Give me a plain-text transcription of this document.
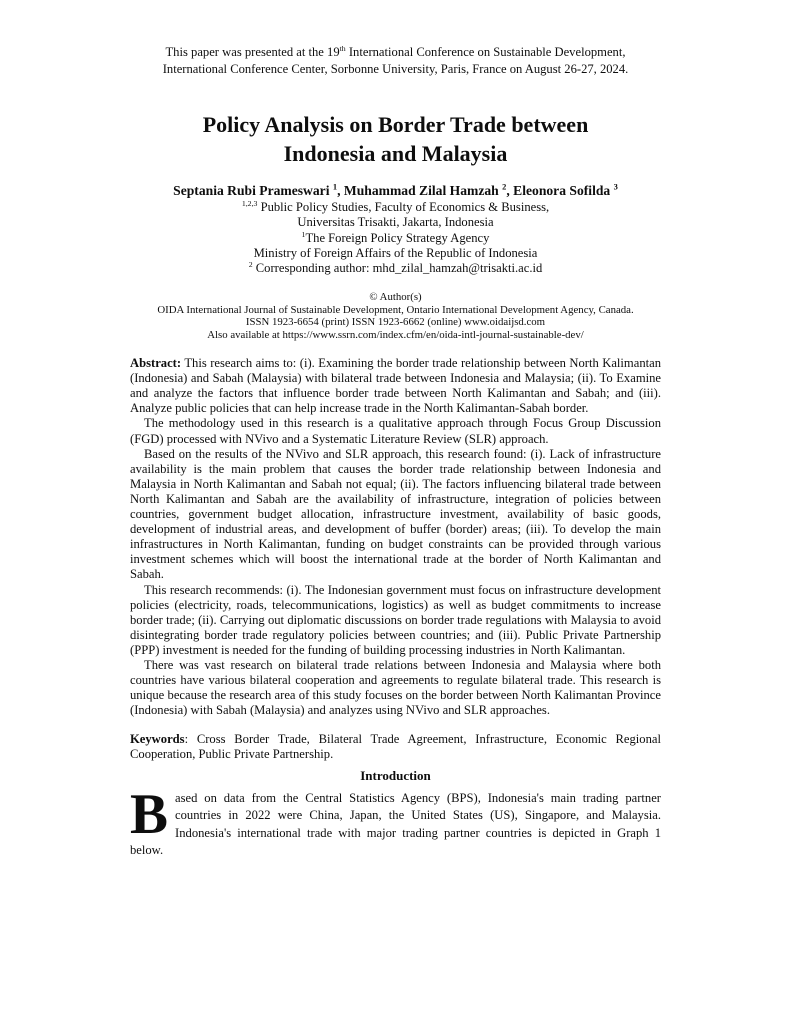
This paper was presented at the 19th International Conference on Sustainable Development,
International Conference Center, Sorbonne University, Paris, France on August 26-27, 2024.
Policy Analysis on Border Trade between
Indonesia and Malaysia
Septania Rubi Prameswari $^1$, Muhammad Zilal Hamzah $^2$, Eleonora Sofilda $^3$
$^{1,2,3}$ Public Policy Studies, Faculty of Economics & Business,
Universitas Trisakti, Jakarta, Indonesia
$^1$The Foreign Policy Strategy Agency
Ministry of Foreign Affairs of the Republic of Indonesia
$^2$ Corresponding author: mhd_zilal_hamzah@trisakti.ac.id
© Author(s)
OIDA International Journal of Sustainable Development, Ontario International Development Agency, Canada.
ISSN 1923-6654 (print) ISSN 1923-6662 (online) www.oidaijsd.com
Also available at https://www.ssrn.com/index.cfm/en/oida-intl-journal-sustainable-dev/

Abstract: This research aims to: (i). Examining the border trade relationship between North Kalimantan (Indonesia) and Sabah (Malaysia) with bilateral trade between Indonesia and Malaysia; (ii). To Examine and analyze the factors that influence border trade between North Kalimantan and Sabah; and (iii). Analyze public policies that can help increase trade in the North Kalimantan-Sabah border.

The methodology used in this research is a qualitative approach through Focus Group Discussion (FGD) processed with NVivo and a Systematic Literature Review (SLR) approach.

Based on the results of the NVivo and SLR approach, this research found: (i). Lack of infrastructure availability is the main problem that causes the border trade relationship between Indonesia and Malaysia in North Kalimantan and Sabah not equal; (ii). The factors influencing bilateral trade between North Kalimantan and Sabah are the availability of infrastructure, integration of policies between countries, government budget allocation, infrastructure investment, availability of basic goods, development of industrial areas, and development of buffer (border) areas; (iii). To develop the main infrastructures in North Kalimantan, funding on budget constraints can be provided through various investment schemes which will boost the international trade at the border of North Kalimantan and Sabah.

This research recommends: (i). The Indonesian government must focus on infrastructure development policies (electricity, roads, telecommunications, logistics) as well as budget commitments to increase border trade; (ii). Carrying out diplomatic discussions on border trade regulations with Malaysia to avoid disintegrating border trade regulatory policies between countries; and (iii). Public Private Partnership (PPP) investment is needed for the funding of building processing industries in North Kalimantan.

There was vast research on bilateral trade relations between Indonesia and Malaysia where both countries have various bilateral cooperation and agreements to regulate bilateral trade. This research is unique because the research area of this study focuses on the border between North Kalimantan Province (Indonesia) with Sabah (Malaysia) and analyzes using NVivo and SLR approaches.

Keywords: Cross Border Trade, Bilateral Trade Agreement, Infrastructure, Economic Regional Cooperation, Public Private Partnership.

Introduction

Based on data from the Central Statistics Agency (BPS), Indonesia's main trading partner countries in 2022 were China, Japan, the United States (US), Singapore, and Malaysia. Indonesia's international trade with major trading partner countries is depicted in Graph 1 below.
